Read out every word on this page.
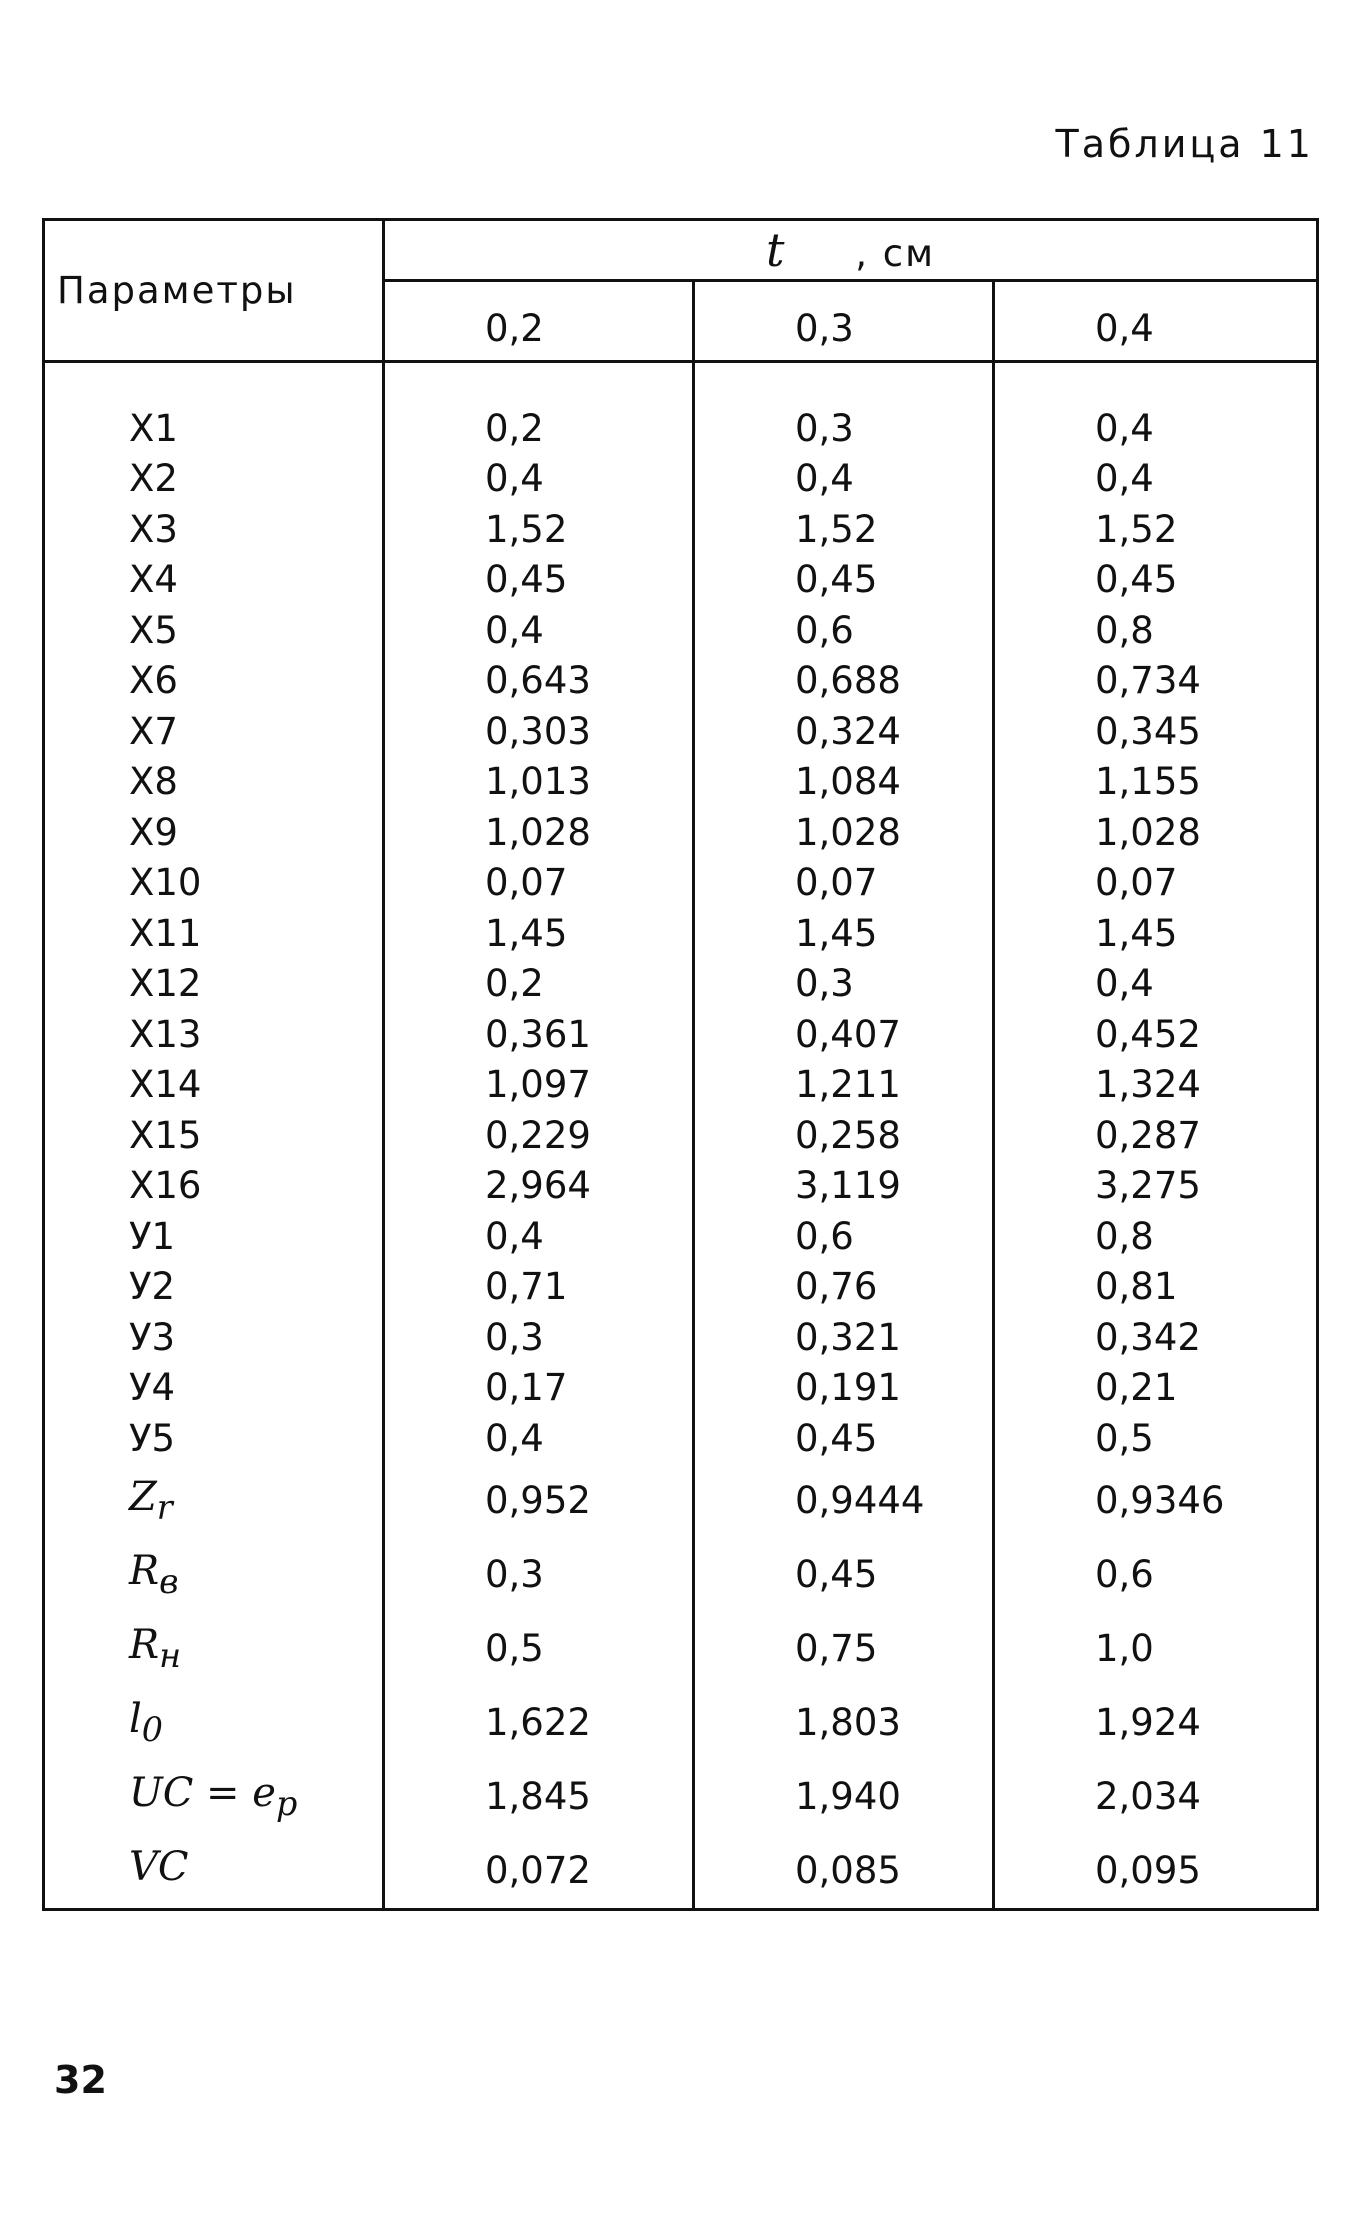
Таблица 11
Параметры	t , см		
	0,2	0,3	0,4

X1	0,2	0,3	0,4
X2	0,4	0,4	0,4
X3	1,52	1,52	1,52
X4	0,45	0,45	0,45
X5	0,4	0,6	0,8
X6	0,643	0,688	0,734
X7	0,303	0,324	0,345
X8	1,013	1,084	1,155
X9	1,028	1,028	1,028
X10	0,07	0,07	0,07
X11	1,45	1,45	1,45
X12	0,2	0,3	0,4
X13	0,361	0,407	0,452
X14	1,097	1,211	1,324
X15	0,229	0,258	0,287
X16	2,964	3,119	3,275
У1	0,4	0,6	0,8
У2	0,71	0,76	0,81
У3	0,3	0,321	0,342
У4	0,17	0,191	0,21
У5	0,4	0,45	0,5
$Z_r$	0,952	0,9444	0,9346
$R_в$	0,3	0,45	0,6
$R_н$	0,5	0,75	1,0
$l_0$	1,622	1,803	1,924
UC = $e_p$	1,845	1,940	2,034
VC	0,072	0,085	0,095
32
